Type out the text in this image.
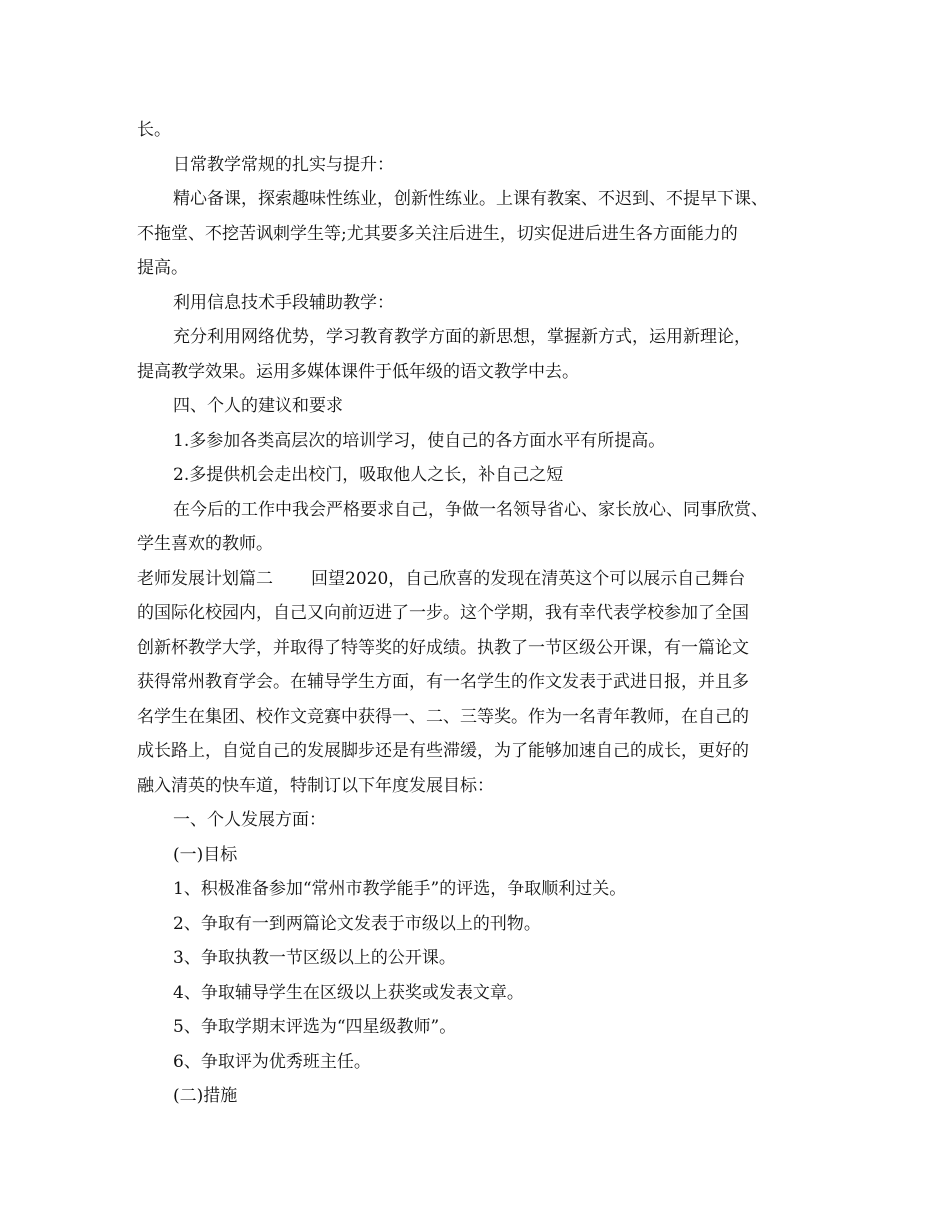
长。
日常教学常规的扎实与提升：
精心备课，探索趣味性练业，创新性练业。上课有教案、不迟到、不提早下课、
不拖堂、不挖苦讽刺学生等;尤其要多关注后进生，切实促进后进生各方面能力的
提高。
利用信息技术手段辅助教学：
充分利用网络优势，学习教育教学方面的新思想，掌握新方式，运用新理论，
提高教学效果。运用多媒体课件于低年级的语文教学中去。
四、个人的建议和要求
1.多参加各类高层次的培训学习，使自己的各方面水平有所提高。
2.多提供机会走出校门，吸取他人之长，补自己之短
在今后的工作中我会严格要求自己，争做一名领导省心、家长放心、同事欣赏、
学生喜欢的教师。
老师发展计划篇二 回望2020，自己欣喜的发现在清英这个可以展示自己舞台
的国际化校园内，自己又向前迈进了一步。这个学期，我有幸代表学校参加了全国
创新杯教学大学，并取得了特等奖的好成绩。执教了一节区级公开课，有一篇论文
获得常州教育学会。在辅导学生方面，有一名学生的作文发表于武进日报，并且多
名学生在集团、校作文竞赛中获得一、二、三等奖。作为一名青年教师，在自己的
成长路上，自觉自己的发展脚步还是有些滞缓，为了能够加速自己的成长，更好的
融入清英的快车道，特制订以下年度发展目标：
一、个人发展方面：
(一)目标
1、积极准备参加“常州市教学能手”的评选，争取顺利过关。
2、争取有一到两篇论文发表于市级以上的刊物。
3、争取执教一节区级以上的公开课。
4、争取辅导学生在区级以上获奖或发表文章。
5、争取学期末评选为“四星级教师”。
6、争取评为优秀班主任。
(二)措施
